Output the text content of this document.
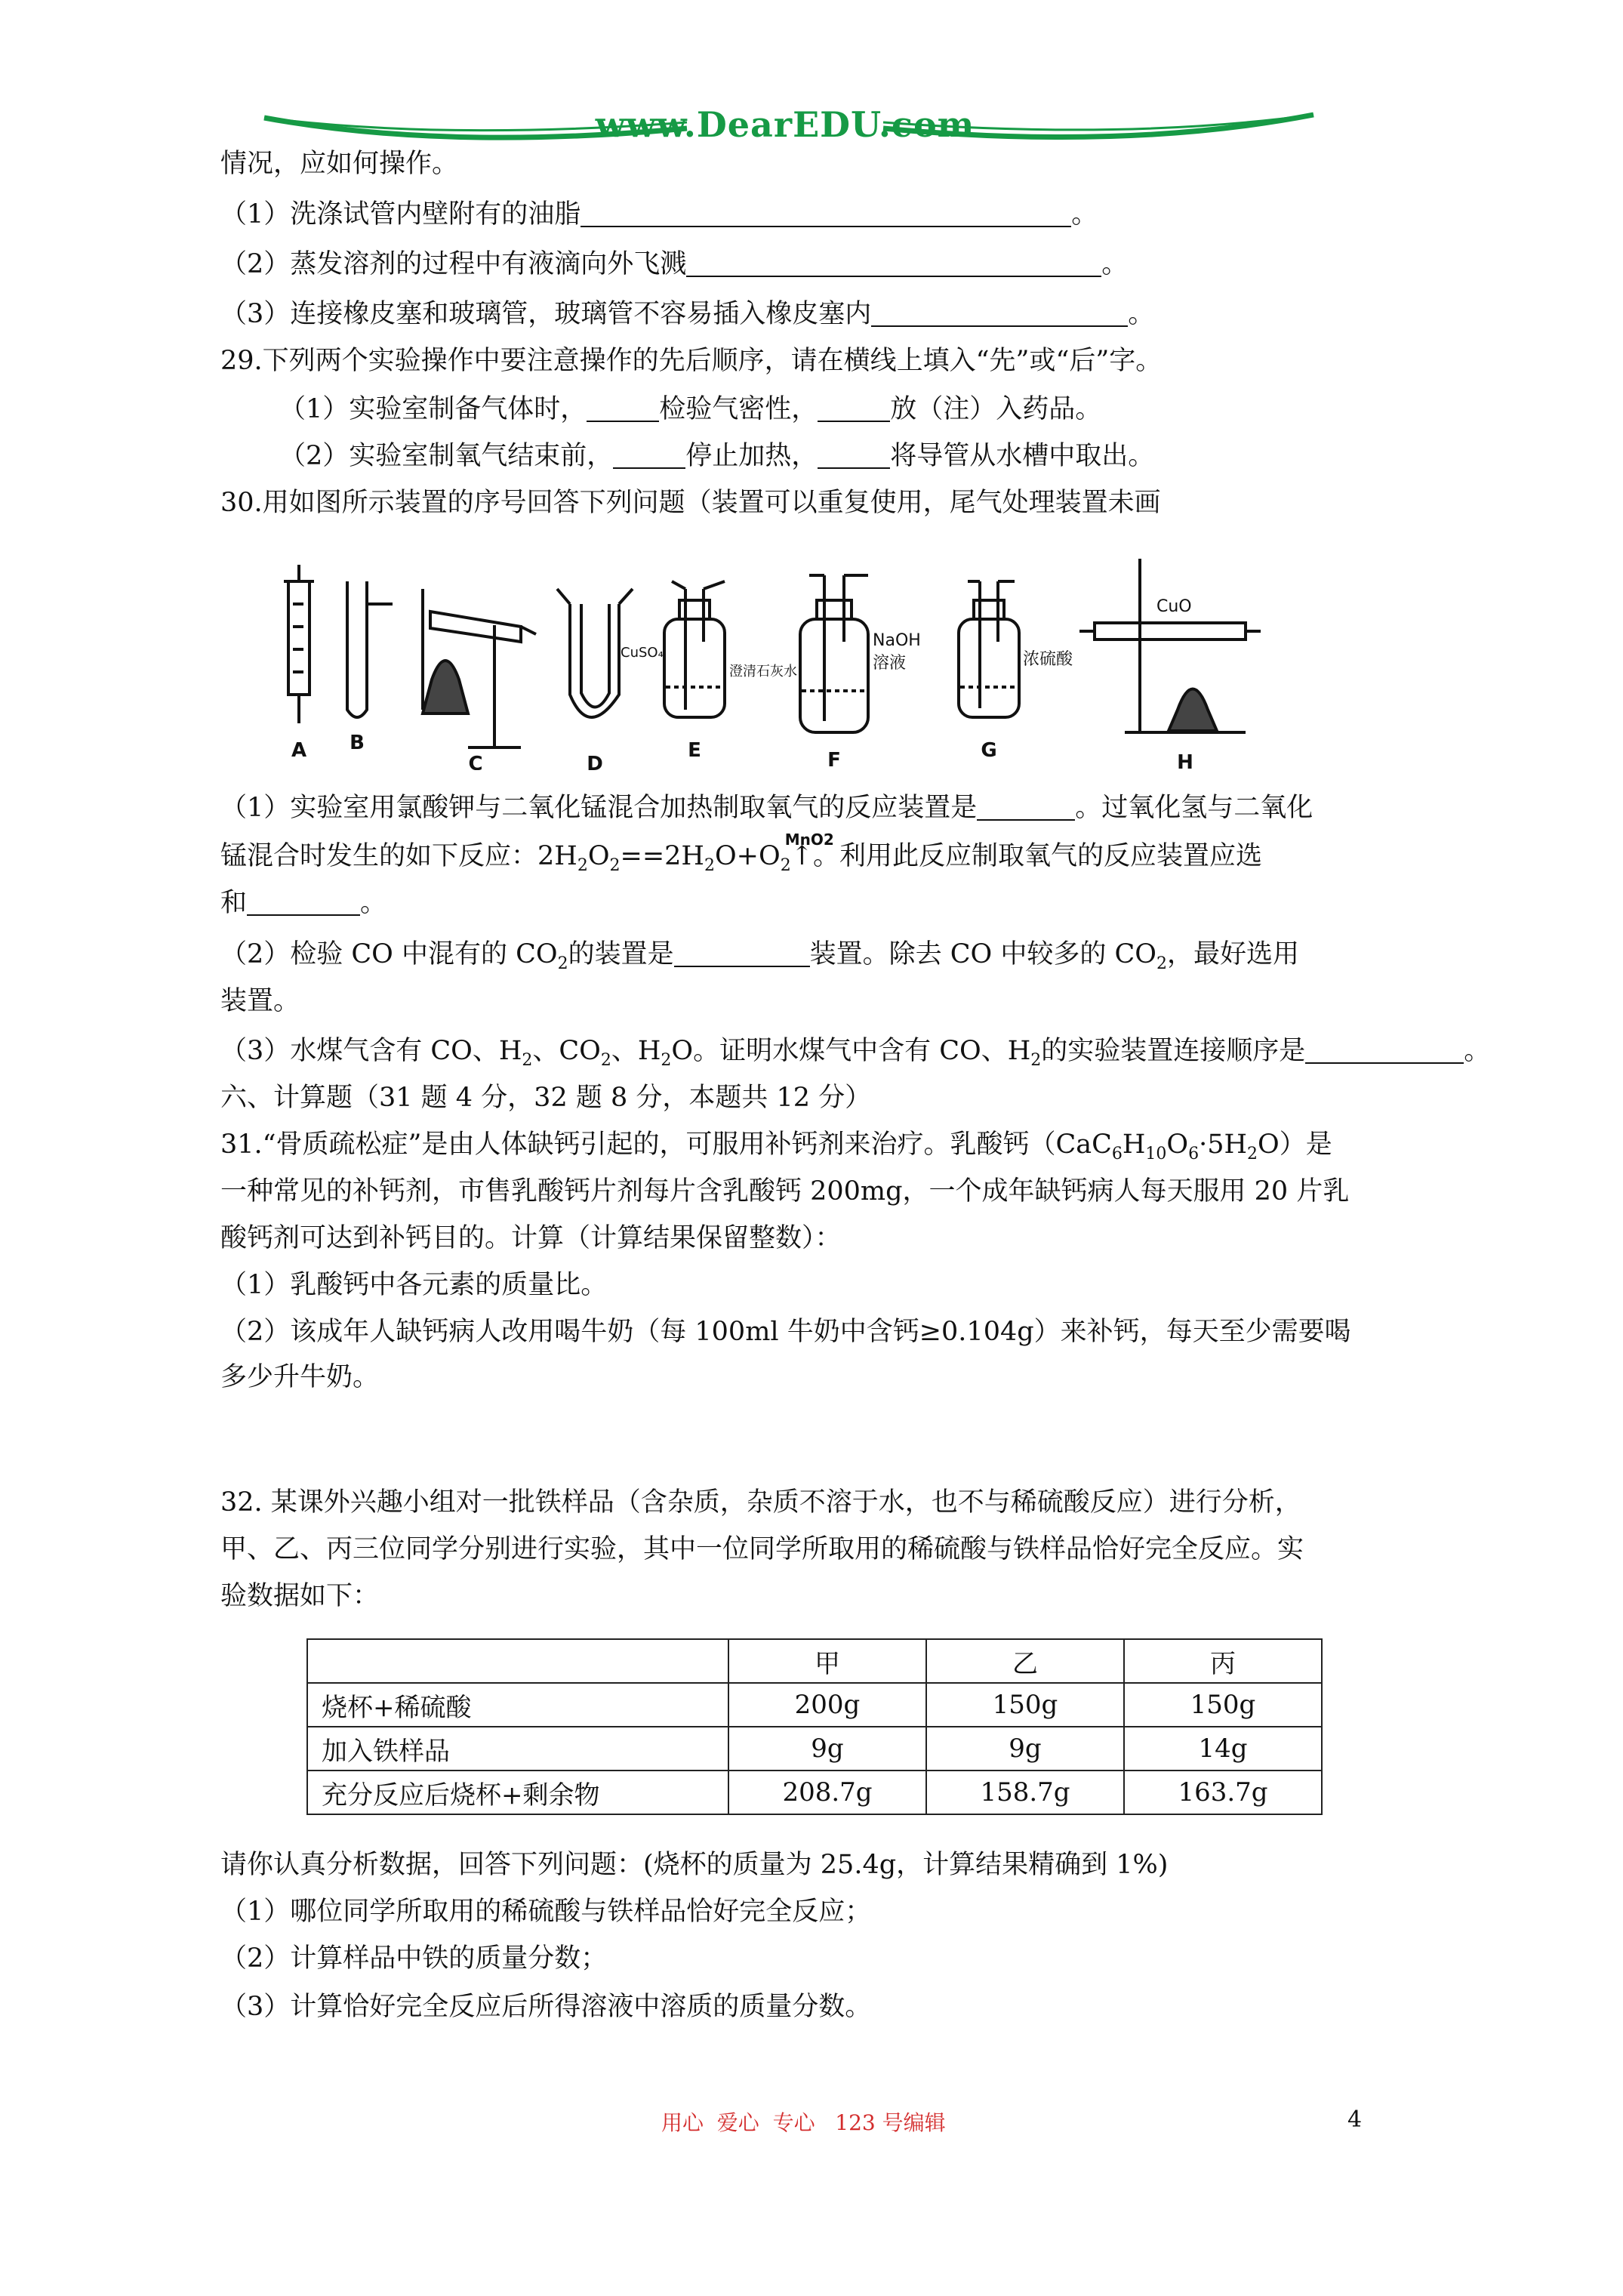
www.DearEDU.com
情况，应如何操作。
（1）洗涤试管内壁附有的油脂	。
（2）蒸发溶剂的过程中有液滴向外飞溅	。
（3）连接橡皮塞和玻璃管，玻璃管不容易插入橡皮塞内	。
29.下列两个实验操作中要注意操作的先后顺序，请在横线上填入“先”或“后”字。
（1）实验室制备气体时，	检验气密性，	放（注）入药品。
（2）实验室制氧气结束前，	停止加热，	将导管从水槽中取出。
30.用如图所示装置的序号回答下列问题（装置可以重复使用，尾气处理装置未画
A B
C	D
E	F	G
H
CuSO₄
澄清石灰水
NaOH
溶液	浓硫酸
CuO
（1）实验室用氯酸钾与二氧化锰混合加热制取氧气的反应装置是	。过氧化氢与二氧化
锰混合时发生的如下反应：$2H_2O_2==2H_2O+O_2$
MnO2
↑。利用此反应制取氧气的反应装置应选
和	。
（2）检验 CO 中混有的 $CO_2$的装置是	装置。除去 CO 中较多的 $CO_2$，最好选用
装置。
（3）水煤气含有 CO、$H_2$、$CO_2$、$H_2O$。证明水煤气中含有 CO、$H_2$的实验装置连接顺序是	。
六、计算题（31 题 4 分，32 题 8 分，本题共 12 分）
31.“骨质疏松症”是由人体缺钙引起的，可服用补钙剂来治疗。乳酸钙$(CaC_6H_{10}O_6\cdot 5H_2O)$是
一种常见的补钙剂，市售乳酸钙片剂每片含乳酸钙 200mg，一个成年缺钙病人每天服用 20 片乳
酸钙剂可达到补钙目的。计算（计算结果保留整数）：
（1）乳酸钙中各元素的质量比。
（2）该成年人缺钙病人改用喝牛奶（每 100ml 牛奶中含钙≥0.104g）来补钙，每天至少需要喝
多少升牛奶。
32. 某课外兴趣小组对一批铁样品（含杂质，杂质不溶于水，也不与稀硫酸反应）进行分析，
甲、乙、丙三位同学分别进行实验，其中一位同学所取用的稀硫酸与铁样品恰好完全反应。实
验数据如下：
	甲	乙	丙
烧杯+稀硫酸	200g	150g	150g
加入铁样品	9g	9g	14g
充分反应后烧杯+剩余物	208.7g	158.7g	163.7g
请你认真分析数据，回答下列问题：(烧杯的质量为 25.4g，计算结果精确到 1%)
（1）哪位同学所取用的稀硫酸与铁样品恰好完全反应；
（2）计算样品中铁的质量分数；
（3）计算恰好完全反应后所得溶液中溶质的质量分数。
用心  爱心  专心   123 号编辑	4
